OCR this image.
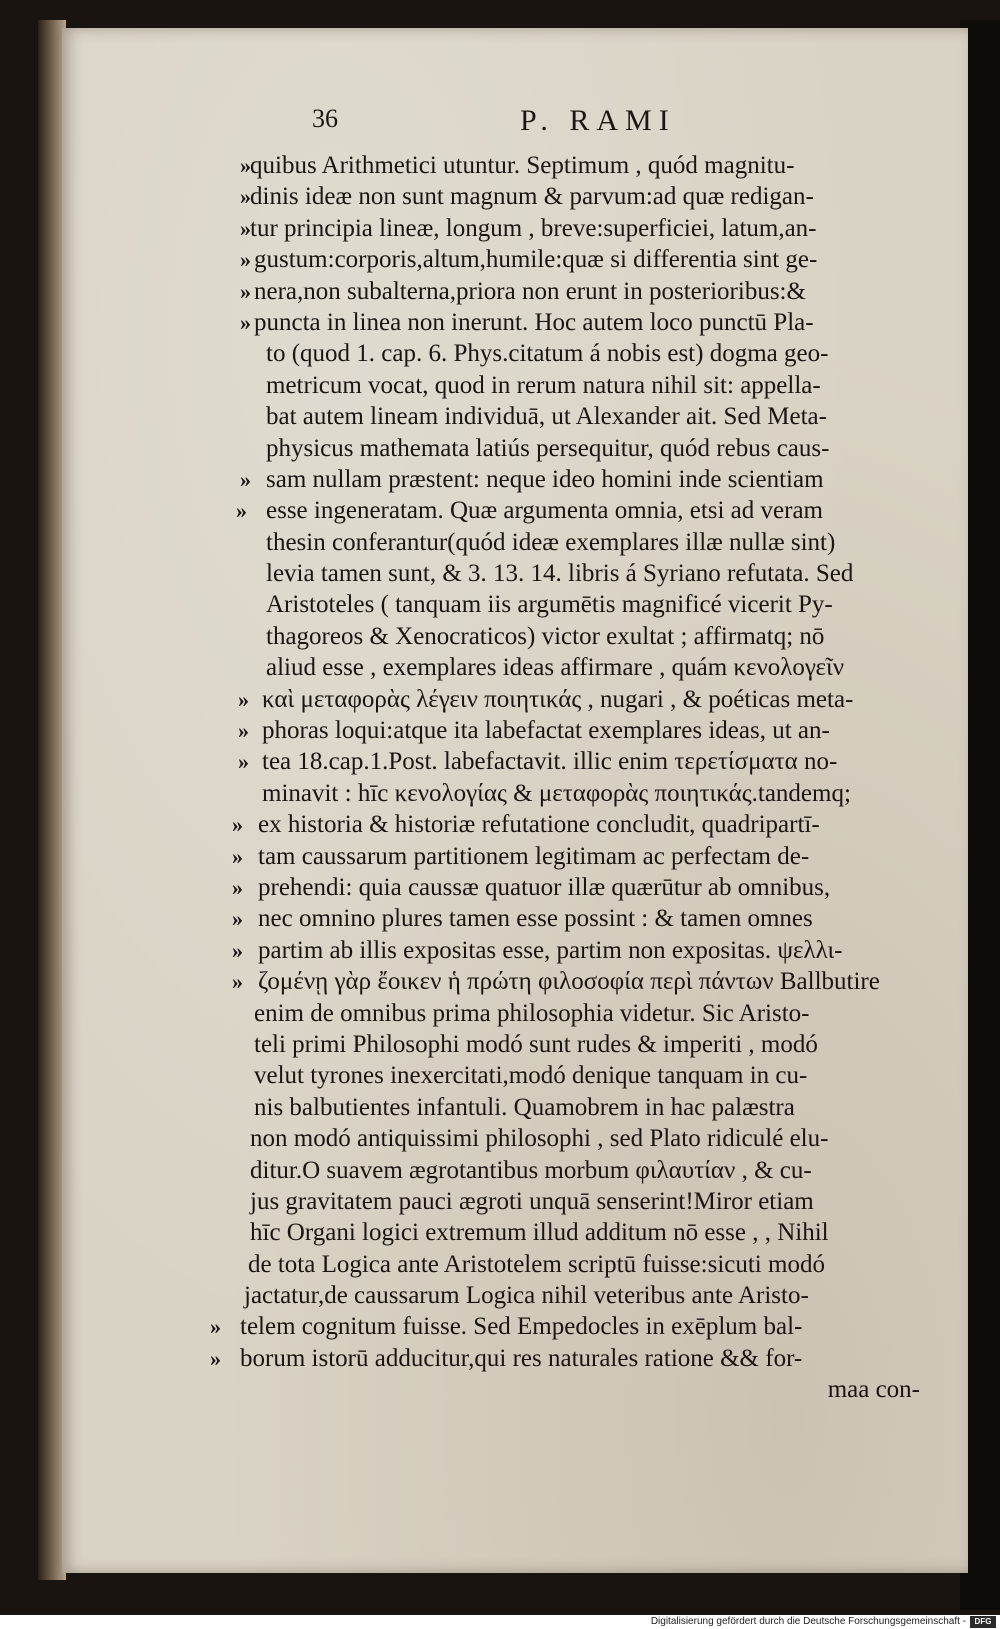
36	P. RAMI
» quibus Arithmetici utuntur. Septimum , quód magnitu-
» dinis ideæ non sunt magnum & parvum:ad quæ redigan-
» tur principia lineæ, longum , breve:superficiei, latum,an-
» gustum:corporis,altum,humile:quæ si differentia sint ge-
» nera,non subalterna,priora non erunt in posterioribus:&
» puncta in linea non inerunt. Hoc autem loco punctū Pla-
to (quod 1. cap. 6. Phys.citatum á nobis est) dogma geo-
metricum vocat, quod in rerum natura nihil sit: appella-
bat autem lineam individuā, ut Alexander ait. Sed Meta-
physicus mathemata latiús persequitur, quód rebus caus-
» sam nullam præstent: neque ideo homini inde scientiam
» esse ingeneratam. Quæ argumenta omnia, etsi ad veram
thesin conferantur(quód ideæ exemplares illæ nullæ sint)
levia tamen sunt, & 3. 13. 14. libris á Syriano refutata. Sed
Aristoteles ( tanquam iis argumētis magnificé vicerit Py-
thagoreos & Xenocraticos) victor exultat ; affirmatq; nō
aliud esse , exemplares ideas affirmare , quám κενολογεῖν
» καὶ μεταφορὰς λέγειν ποιητικάς , nugari , & poéticas meta-
» phoras loqui:atque ita labefactat exemplares ideas, ut an-
» tea 18.cap.1.Post. labefactavit. illic enim τερετίσματα no-
minavit : hīc κενολογίας & μεταφορὰς ποιητικάς.tandemq;
» ex historia & historiæ refutatione concludit, quadripartī-
» tam caussarum partitionem legitimam ac perfectam de-
» prehendi: quia caussæ quatuor illæ quærūtur ab omnibus,
» nec omnino plures tamen esse possint : & tamen omnes
» partim ab illis expositas esse, partim non expositas. ψελλι-
» ζομένῃ γὰρ ἔοικεν ἡ πρώτη φιλοσοφία περὶ πάντων Ballbutire
enim de omnibus prima philosophia videtur. Sic Aristo-
teli primi Philosophi modó sunt rudes & imperiti , modó
velut tyrones inexercitati,modó denique tanquam in cu-
nis balbutientes infantuli. Quamobrem in hac palæstra
non modó antiquissimi philosophi , sed Plato ridiculé elu-
ditur.O suavem ægrotantibus morbum φιλαυτίαν , & cu-
jus gravitatem pauci ægroti unquā senserint!Miror etiam
hīc Organi logici extremum illud additum nō esse , , Nihil
de tota Logica ante Aristotelem scriptū fuisse:sicuti modó
jactatur,de caussarum Logica nihil veteribus ante Aristo-
» telem cognitum fuisse. Sed Empedocles in exēplum bal-
» borum istorū adducitur,qui res naturales ratione && for-
maa con-
Digitalisierung gefördert durch die Deutsche Forschungsgemeinschaft -	DFG
